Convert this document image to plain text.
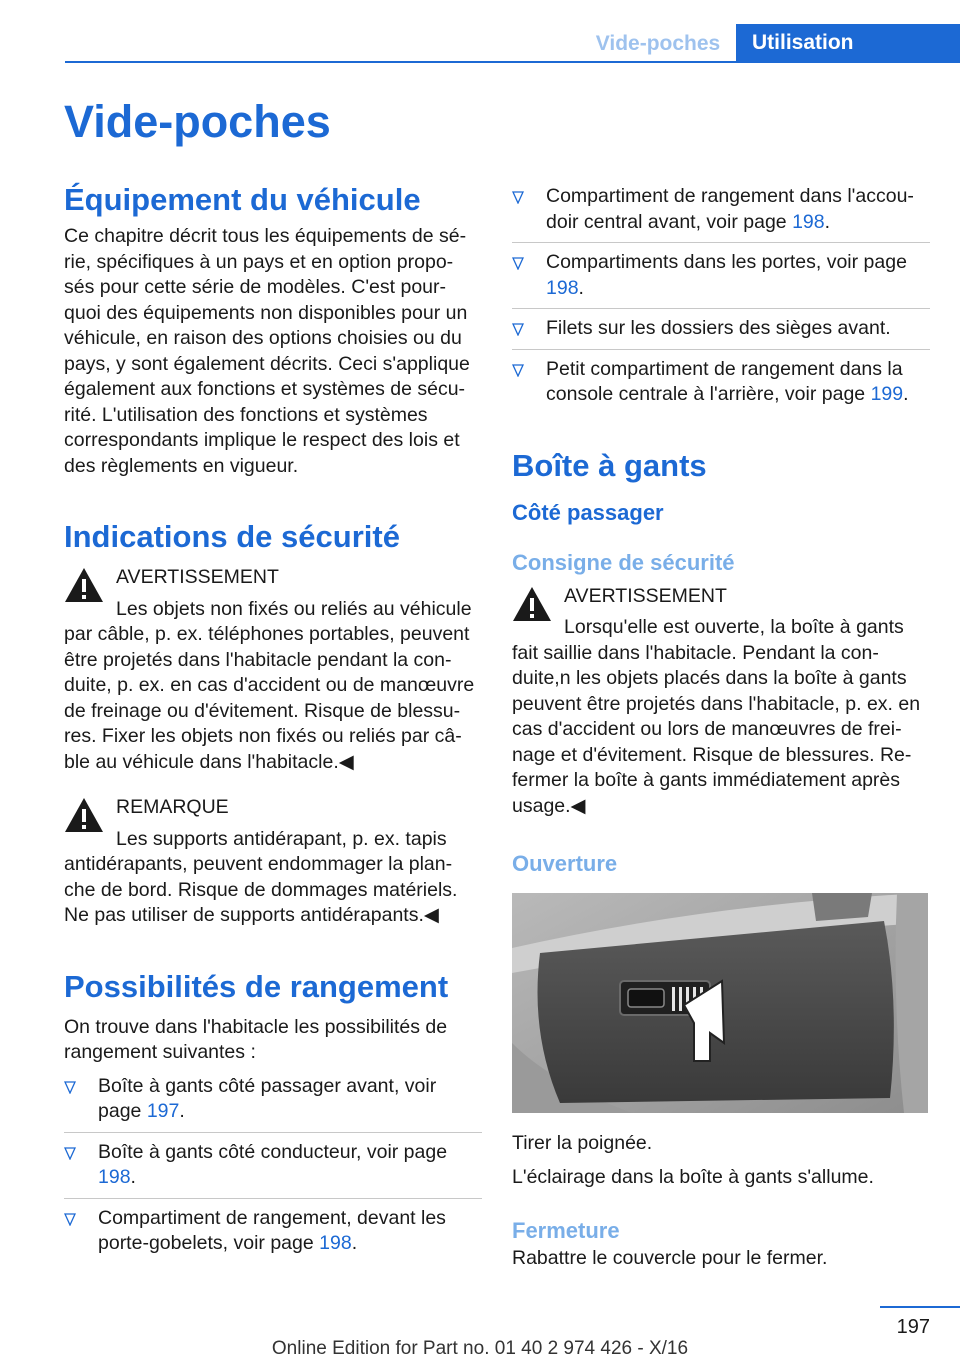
Vide-poches	Utilisation
Vide-poches
Équipement du véhicule

Ce chapitre décrit tous les équipements de sé- rie, spécifiques à un pays et en option propo- sés pour cette série de modèles. C'est pour- quoi des équipements non disponibles pour un véhicule, en raison des options choisies ou du pays, y sont également décrits. Ceci s'applique également aux fonctions et systèmes de sécu- rité. L'utilisation des fonctions et systèmes correspondants implique le respect des lois et des règlements en vigueur.

Indications de sécurité

AVERTISSEMENT

Les objets non fixés ou reliés au véhicule

par câble, p. ex. téléphones portables, peuvent être projetés dans l'habitacle pendant la con- duite, p. ex. en cas d'accident ou de manœuvre de freinage ou d'évitement. Risque de blessu- res. Fixer les objets non fixés ou reliés par câ- ble au véhicule dans l'habitacle.◀

REMARQUE

Les supports antidérapant, p. ex. tapis

antidérapants, peuvent endommager la plan- che de bord. Risque de dommages matériels. Ne pas utiliser de supports antidérapants.◀

Possibilités de rangement

On trouve dans l'habitacle les possibilités de rangement suivantes :

Boîte à gants côté passager avant, voir page 197.
Boîte à gants côté conducteur, voir page 198.
Compartiment de rangement, devant les porte-gobelets, voir page 198.
Compartiment de rangement dans l'accou- doir central avant, voir page 198.
Compartiments dans les portes, voir page 198.
Filets sur les dossiers des sièges avant.
Petit compartiment de rangement dans la console centrale à l'arrière, voir page 199.
Boîte à gants
Côté passager
Consigne de sécurité

AVERTISSEMENT

Lorsqu'elle est ouverte, la boîte à gants

fait saillie dans l'habitacle. Pendant la con- duite,n les objets placés dans la boîte à gants peuvent être projetés dans l'habitacle, p. ex. en cas d'accident ou lors de manœuvres de frei- nage et d'évitement. Risque de blessures. Re- fermer la boîte à gants immédiatement après usage.◀

Ouverture

Tirer la poignée.

L'éclairage dans la boîte à gants s'allume.

Fermeture

Rabattre le couvercle pour le fermer.

197
Online Edition for Part no. 01 40 2 974 426 - X/16
